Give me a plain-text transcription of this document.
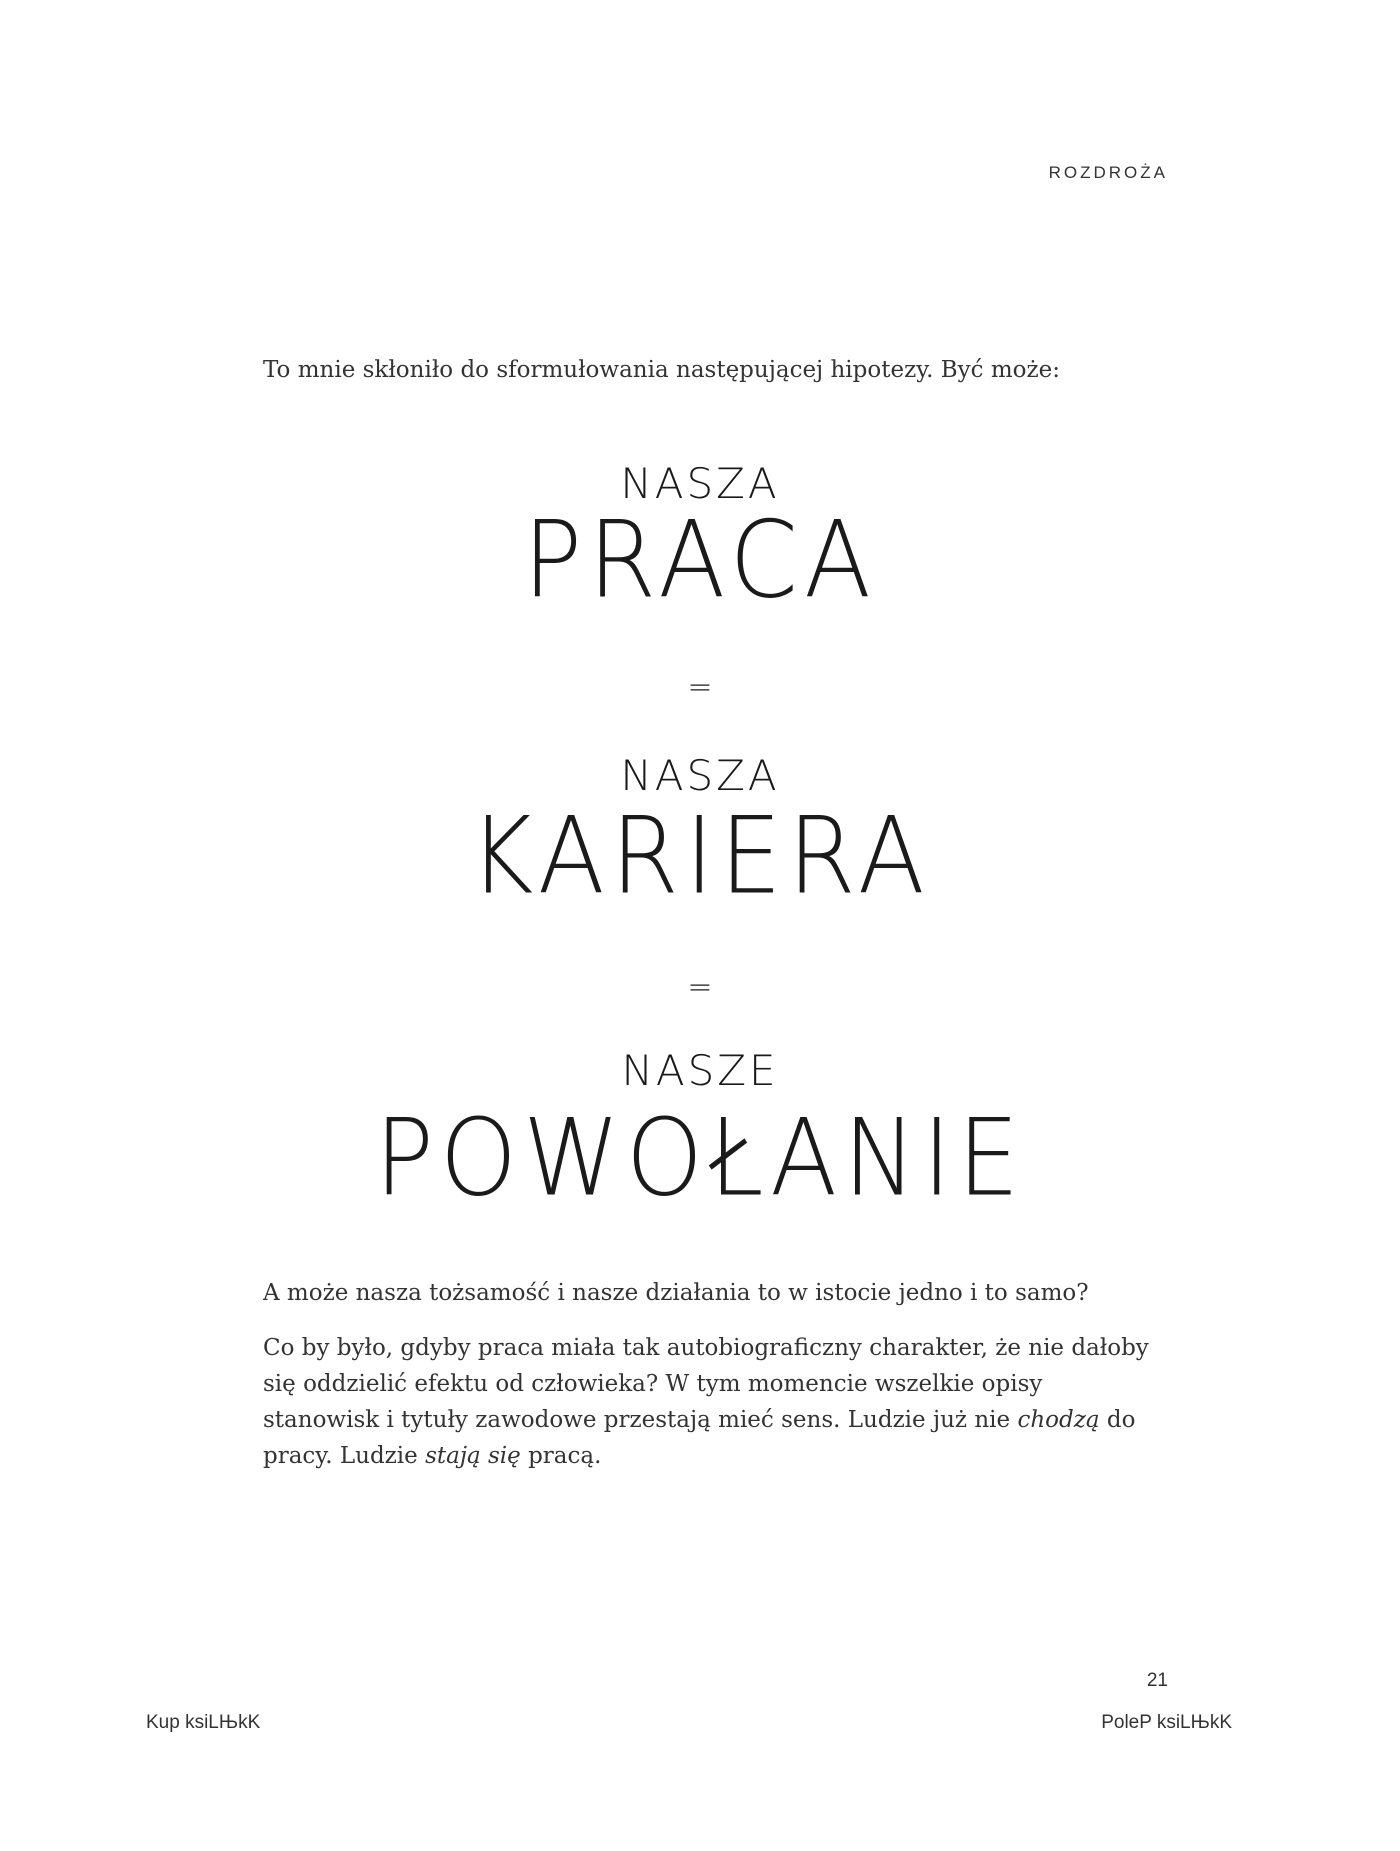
ROZDROŻA
To mnie skłoniło do sformułowania następującej hipotezy. Być może:
NASZA
PRACA
=
NASZA
KARIERA
=
NASZE
POWOŁANIE

A może nasza tożsamość i nasze działania to w istocie jedno i to samo?

Co by było, gdyby praca miała tak autobiograficzny charakter, że nie dałoby się oddzielić efektu od człowieka? W tym momencie wszelkie opisy stanowisk i tytuły zawodowe przestają mieć sens. Ludzie już nie chodzą do pracy. Ludzie stają się pracą.

21
Kup ksiLЊkK	PoleP ksiLЊkK
